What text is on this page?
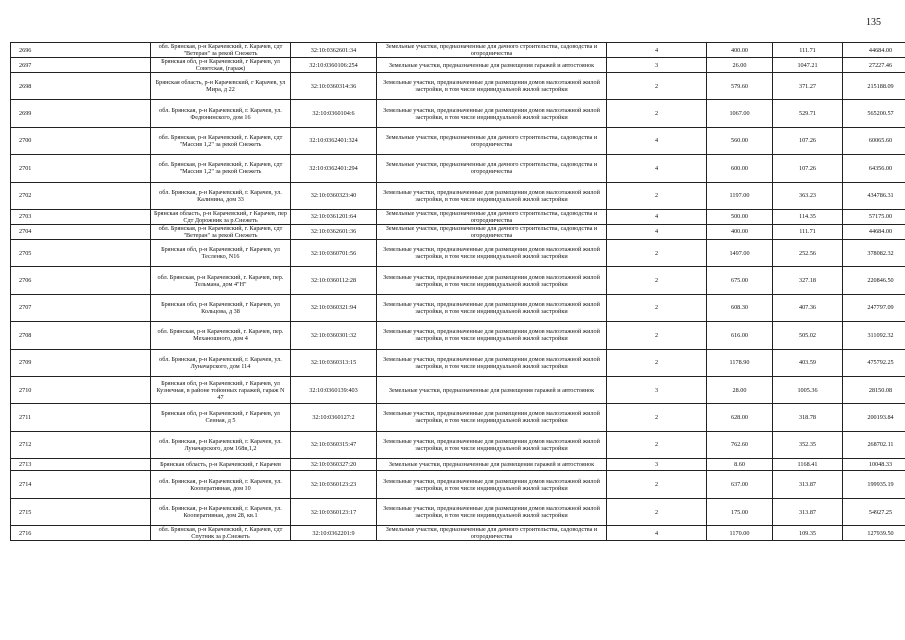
135
2696	обл. Брянская, р-н Карачевский, г. Карачев, сдт "Ветеран" за рекой Снежеть	32:10:0362601:34	Земельные участки, предназначенные для дачного строительства, садоводства и огородничества	4	400.00	111.71	44684.00
2697	Брянская обл, р-н Карачевский, г Карачев, ул Советская, (гараж)	32:10:0360106:254	Земельные участки, предназначенные для размещения гаражей и автостоянок	3	26.00	1047.21	27227.46
2698	Брянская область, р-н Карачевский, г Карачев, ул Мира, д 22	32:10:0360314:36	Земельные участки, предназначенные для размещения домов малоэтажной жилой застройки, в том числе индивидуальной жилой застройки	2	579.60	371.27	215188.09
2699	обл. Брянская, р-н Карачевский, г. Карачев, ул. Федюнинского, дом 16	32:10:0360104:6	Земельные участки, предназначенные для размещения домов малоэтажной жилой застройки, в том числе индивидуальной жилой застройки	2	1067.00	529.71	565200.57
2700	обл. Брянская, р-н Карачевский, г. Карачев, сдт "Массив 1,2" за рекой Снежеть	32:10:0362401:324	Земельные участки, предназначенные для дачного строительства, садоводства и огородничества	4	560.00	107.26	60065.60
2701	обл. Брянская, р-н Карачевский, г. Карачев, сдт "Массив 1,2" за рекой Снежеть	32:10:0362401:294	Земельные участки, предназначенные для дачного строительства, садоводства и огородничества	4	600.00	107.26	64356.00
2702	обл. Брянская, р-н Карачевский, г. Карачев, ул. Калинина, дом 33	32:10:0360323:40	Земельные участки, предназначенные для размещения домов малоэтажной жилой застройки, в том числе индивидуальной жилой застройки	2	1197.00	363.23	434786.31
2703	Брянская область, р-н Карачевский, г Карачев, пер Сдт Дорожник за р.Снежеть	32:10:0361201:64	Земельные участки, предназначенные для дачного строительства, садоводства и огородничества	4	500.00	114.35	57175.00
2704	обл. Брянская, р-н Карачевский, г. Карачев, сдт "Ветеран" за рекой Снежеть	32:10:0362601:36	Земельные участки, предназначенные для дачного строительства, садоводства и огородничества	4	400.00	111.71	44684.00
2705	Брянская обл, р-н Карачевский, г Карачев, ул Тесленко, N16	32:10:0360701:56	Земельные участки, предназначенные для размещения домов малоэтажной жилой застройки, в том числе индивидуальной жилой застройки	2	1497.00	252.56	378082.32
2706	обл. Брянская, р-н Карачевский, г. Карачев, пер. Тельмана, дом 4"Н"	32:10:0360112:28	Земельные участки, предназначенные для размещения домов малоэтажной жилой застройки, в том числе индивидуальной жилой застройки	2	675.00	327.18	220846.50
2707	Брянская обл, р-н Карачевский, г Карачев, ул Кольцова, д 38	32:10:0360321:94	Земельные участки, предназначенные для размещения домов малоэтажной жилой застройки, в том числе индивидуальной жилой застройки	2	608.30	407.36	247797.09
2708	обл. Брянская, р-н Карачевский, г. Карачев, пер. Механошного, дом 4	32:10:0360301:32	Земельные участки, предназначенные для размещения домов малоэтажной жилой застройки, в том числе индивидуальной жилой застройки	2	616.00	505.02	311092.32
2709	обл. Брянская, р-н Карачевский, г. Карачев, ул. Луначарского, дом 114	32:10:0360313:15	Земельные участки, предназначенные для размещения домов малоэтажной жилой застройки, в том числе индивидуальной жилой застройки	2	1178.90	403.59	475792.25
2710	Брянская обл, р-н Карачевский, г Карачев, ул Кузнечная, в районе тойонных гаражей, гараж N 47	32:10:0360139:403	Земельные участки, предназначенные для размещения гаражей и автостоянок	3	28.00	1005.36	28150.08
2711	Брянская обл, р-н Карачевский, г Карачев, ул Сенная, д 5	32:10:0360127:2	Земельные участки, предназначенные для размещения домов малоэтажной жилой застройки, в том числе индивидуальной жилой застройки	2	628.00	318.78	200193.84
2712	обл. Брянская, р-н Карачевский, г. Карачев, ул. Луначарского, дом 168в,1,2	32:10:0360315:47	Земельные участки, предназначенные для размещения домов малоэтажной жилой застройки, в том числе индивидуальной жилой застройки	2	762.60	352.35	268702.11
2713	Брянская область, р-н Карачевский, г Карачев	32:10:0360327:20	Земельные участки, предназначенные для размещения гаражей и автостоянок	3	8.60	1168.41	10048.33
2714	обл. Брянская, р-н Карачевский, г. Карачев, ул. Кооперативная, дом 10	32:10:0360123:23	Земельные участки, предназначенные для размещения домов малоэтажной жилой застройки, в том числе индивидуальной жилой застройки	2	637.00	313.87	199935.19
2715	обл. Брянская, р-н Карачевский, г. Карачев, ул. Кооперативная, дом 28, кв.1	32:10:0360123:17	Земельные участки, предназначенные для размещения домов малоэтажной жилой застройки, в том числе индивидуальной жилой застройки	2	175.00	313.87	54927.25
2716	обл. Брянская, р-н Карачевский, г. Карачев, сдт Спутник за р.Снежеть	32:10:0362201:9	Земельные участки, предназначенные для дачного строительства, садоводства и огородничества	4	1170.00	109.35	127939.50
